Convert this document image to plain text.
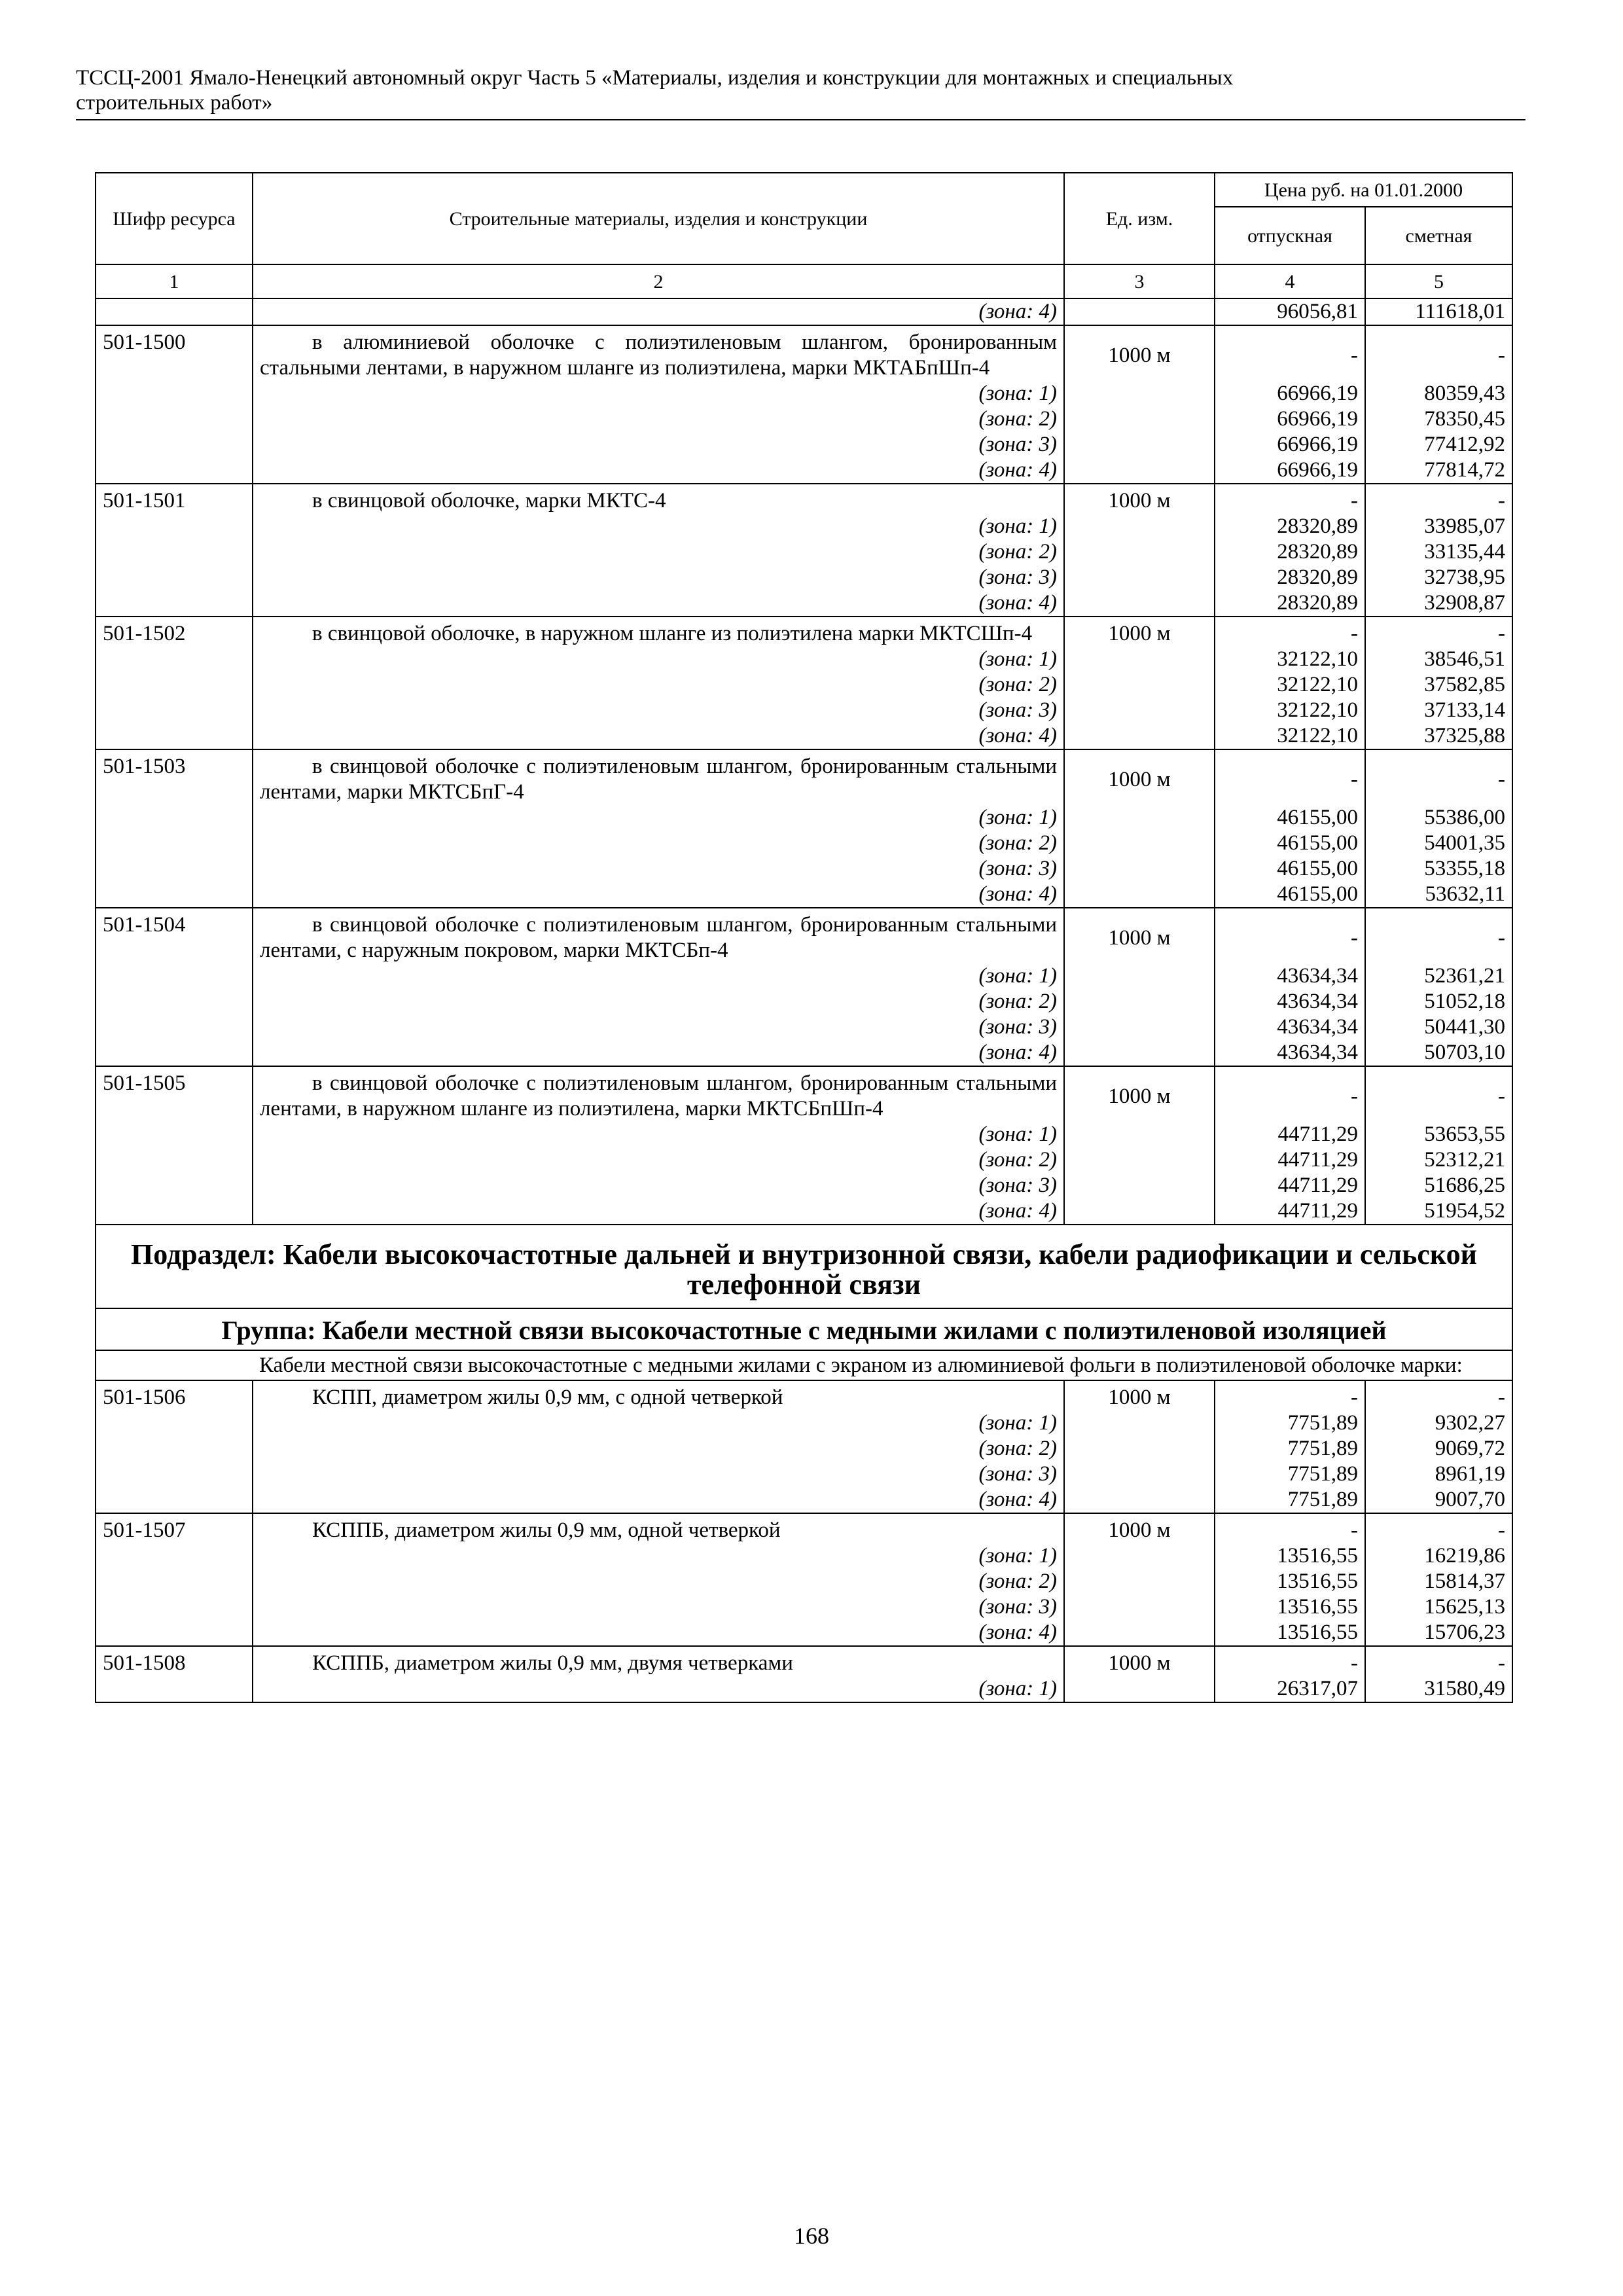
ТССЦ-2001 Ямало-Ненецкий автономный округ Часть 5 «Материалы, изделия и конструкции для монтажных и специальных
строительных работ»
Шифр ресурса	Строительные материалы, изделия и конструкции	Ед. изм.	Цена руб. на 01.01.2000	
			отпускная	сметная
1	2	3	4	5
	(зона: 4)		96056,81	111618,01
501-1500	в алюминиевой оболочке с полиэтиленовым шлангом, бронированным стальными лентами, в наружном шланге из полиэтилена, марки МКТАБпШп-4	1000 м	-	-
	(зона: 1)		66966,19	80359,43
	(зона: 2)		66966,19	78350,45
	(зона: 3)		66966,19	77412,92
	(зона: 4)		66966,19	77814,72
501-1501	в свинцовой оболочке, марки МКТС-4	1000 м	-	-
	(зона: 1)		28320,89	33985,07
	(зона: 2)		28320,89	33135,44
	(зона: 3)		28320,89	32738,95
	(зона: 4)		28320,89	32908,87
501-1502	в свинцовой оболочке, в наружном шланге из полиэтилена марки МКТСШп-4	1000 м	-	-
	(зона: 1)		32122,10	38546,51
	(зона: 2)		32122,10	37582,85
	(зона: 3)		32122,10	37133,14
	(зона: 4)		32122,10	37325,88
501-1503	в свинцовой оболочке с полиэтиленовым шлангом, бронированным стальными лентами, марки МКТСБпГ-4	1000 м	-	-
	(зона: 1)		46155,00	55386,00
	(зона: 2)		46155,00	54001,35
	(зона: 3)		46155,00	53355,18
	(зона: 4)		46155,00	53632,11
501-1504	в свинцовой оболочке с полиэтиленовым шлангом, бронированным стальными лентами, с наружным покровом, марки МКТСБп-4	1000 м	-	-
	(зона: 1)		43634,34	52361,21
	(зона: 2)		43634,34	51052,18
	(зона: 3)		43634,34	50441,30
	(зона: 4)		43634,34	50703,10
501-1505	в свинцовой оболочке с полиэтиленовым шлангом, бронированным стальными лентами, в наружном шланге из полиэтилена, марки МКТСБпШп-4	1000 м	-	-
	(зона: 1)		44711,29	53653,55
	(зона: 2)		44711,29	52312,21
	(зона: 3)		44711,29	51686,25
	(зона: 4)		44711,29	51954,52
Подраздел: Кабели высокочастотные дальней и внутризонной связи, кабели радиофикации и сельской телефонной связи				
Группа: Кабели местной связи высокочастотные с медными жилами с полиэтиленовой изоляцией				
	Кабели местной связи высокочастотные с медными жилами с экраном из алюминиевой фольги в полиэтиленовой оболочке марки:			
501-1506	КСПП, диаметром жилы 0,9 мм, с одной четверкой	1000 м	-	-
	(зона: 1)		7751,89	9302,27
	(зона: 2)		7751,89	9069,72
	(зона: 3)		7751,89	8961,19
	(зона: 4)		7751,89	9007,70
501-1507	КСППБ, диаметром жилы 0,9 мм, одной четверкой	1000 м	-	-
	(зона: 1)		13516,55	16219,86
	(зона: 2)		13516,55	15814,37
	(зона: 3)		13516,55	15625,13
	(зона: 4)		13516,55	15706,23
501-1508	КСППБ, диаметром жилы 0,9 мм, двумя четверками	1000 м	-	-
	(зона: 1)		26317,07	31580,49
168
